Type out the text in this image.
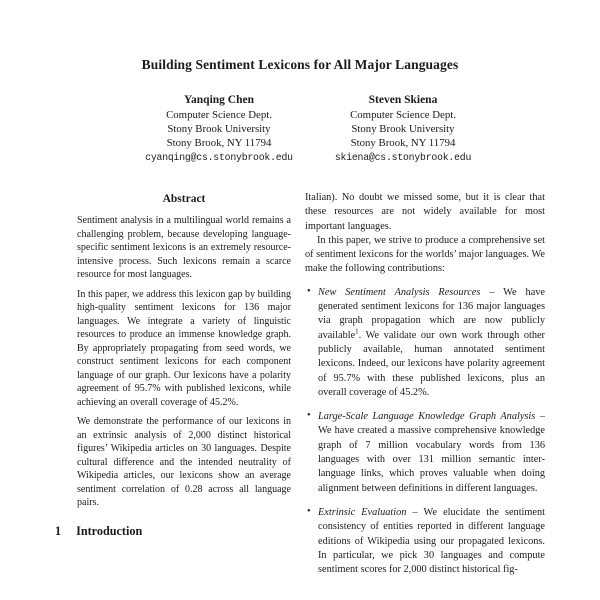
Building Sentiment Lexicons for All Major Languages
Yanqing Chen
Computer Science Dept.
Stony Brook University
Stony Brook, NY 11794
cyanqing@cs.stonybrook.edu
Steven Skiena
Computer Science Dept.
Stony Brook University
Stony Brook, NY 11794
skiena@cs.stonybrook.edu
Abstract

Sentiment analysis in a multilingual world remains a challenging problem, because developing language-specific sentiment lexicons is an extremely resource-intensive process. Such lexicons remain a scarce resource for most languages.

In this paper, we address this lexicon gap by building high-quality sentiment lexicons for 136 major languages. We integrate a variety of linguistic resources to produce an immense knowledge graph. By appropriately propagating from seed words, we construct sentiment lexicons for each component language of our graph. Our lexicons have a polarity agreement of 95.7% with published lexicons, while achieving an overall coverage of 45.2%.

We demonstrate the performance of our lexicons in an extrinsic analysis of 2,000 distinct historical figures’ Wikipedia articles on 30 languages. Despite cultural difference and the intended neutrality of Wikipedia articles, our lexicons show an average sentiment correlation of 0.28 across all language pairs.

1 Introduction

Italian). No doubt we missed some, but it is clear that these resources are not widely available for most important languages.

In this paper, we strive to produce a comprehensive set of sentiment lexicons for the worlds’ major languages. We make the following contributions:

• New Sentiment Analysis Resources – We have generated sentiment lexicons for 136 major languages via graph propagation which are now publicly available$^1$. We validate our own work through other publicly available, human annotated sentiment lexicons. Indeed, our lexicons have polarity agreement of 95.7% with these published lexicons, plus an overall coverage of 45.2%.
• Large-Scale Language Knowledge Graph Analysis – We have created a massive comprehensive knowledge graph of 7 million vocabulary words from 136 languages with over 131 million semantic inter-language links, which proves valuable when doing alignment between definitions in different languages.
• Extrinsic Evaluation – We elucidate the sentiment consistency of entities reported in different language editions of Wikipedia using our propagated lexicons. In particular, we pick 30 languages and compute sentiment scores for 2,000 distinct historical fig-
